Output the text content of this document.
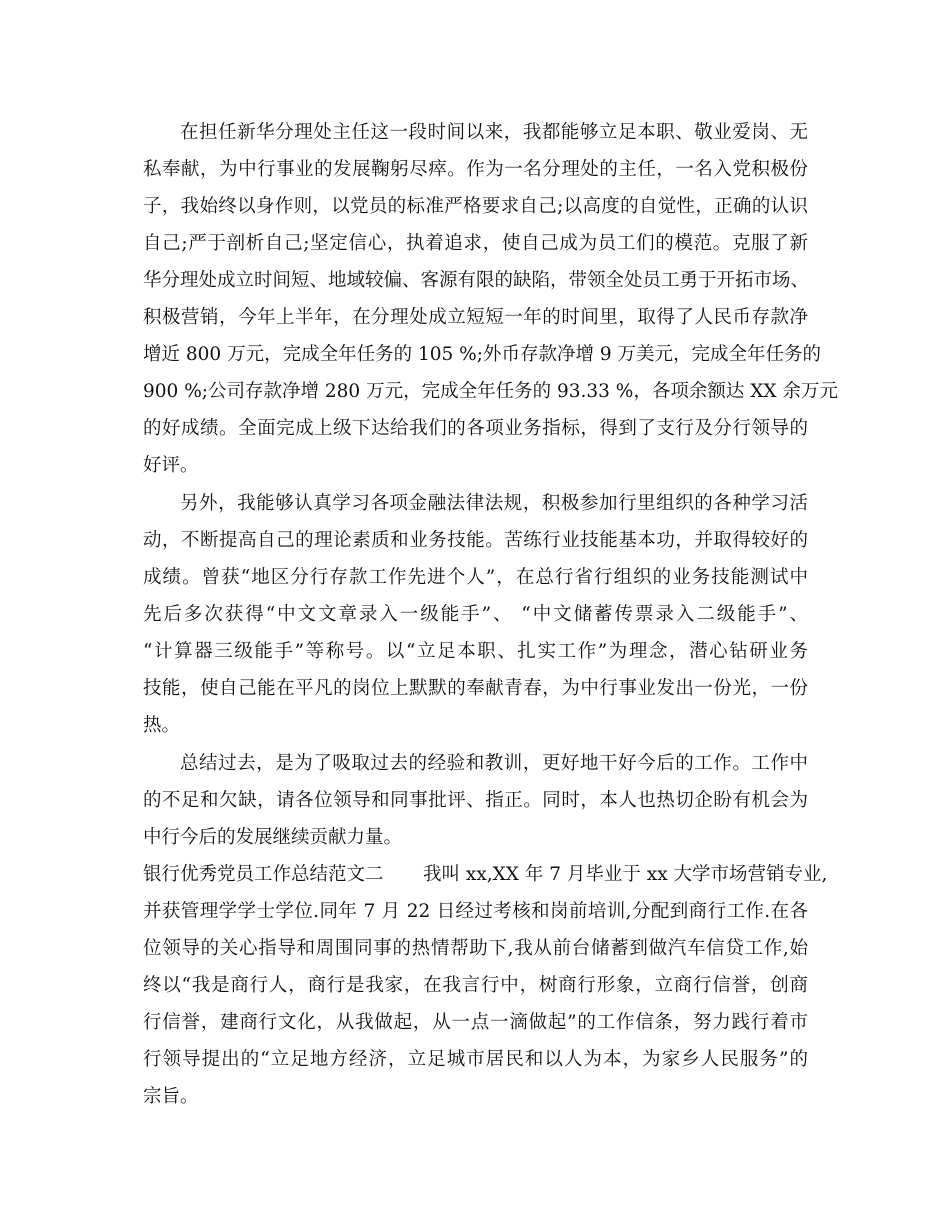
在担任新华分理处主任这一段时间以来，我都能够立足本职、敬业爱岗、无
私奉献，为中行事业的发展鞠躬尽瘁。作为一名分理处的主任，一名入党积极份
子，我始终以身作则，以党员的标准严格要求自己;以高度的自觉性，正确的认识
自己;严于剖析自己;坚定信心，执着追求，使自己成为员工们的模范。克服了新
华分理处成立时间短、地域较偏、客源有限的缺陷，带领全处员工勇于开拓市场、
积极营销，今年上半年，在分理处成立短短一年的时间里，取得了人民币存款净
增近 800 万元，完成全年任务的 105 %;外币存款净增 9 万美元，完成全年任务的
900 %;公司存款净增 280 万元，完成全年任务的 93.33 %，各项余额达 XX 余万元
的好成绩。全面完成上级下达给我们的各项业务指标，得到了支行及分行领导的
好评。
另外，我能够认真学习各项金融法律法规，积极参加行里组织的各种学习活
动，不断提高自己的理论素质和业务技能。苦练行业技能基本功，并取得较好的
成绩。曾获“地区分行存款工作先进个人”，在总行省行组织的业务技能测试中
先后多次获得“中文文章录入一级能手”、 “中文储蓄传票录入二级能手”、
“计算器三级能手”等称号。以“立足本职、扎实工作”为理念，潜心钻研业务
技能，使自己能在平凡的岗位上默默的奉献青春，为中行事业发出一份光，一份
热。
总结过去，是为了吸取过去的经验和教训，更好地干好今后的工作。工作中
的不足和欠缺，请各位领导和同事批评、指正。同时，本人也热切企盼有机会为
中行今后的发展继续贡献力量。
银行优秀党员工作总结范文二 我叫 xx,XX 年 7 月毕业于 xx 大学市场营销专业,
并获管理学学士学位.同年 7 月 22 日经过考核和岗前培训,分配到商行工作.在各
位领导的关心指导和周围同事的热情帮助下,我从前台储蓄到做汽车信贷工作,始
终以“我是商行人，商行是我家，在我言行中，树商行形象，立商行信誉，创商
行信誉，建商行文化，从我做起，从一点一滴做起”的工作信条，努力践行着市
行领导提出的“立足地方经济，立足城市居民和以人为本，为家乡人民服务”的
宗旨。
